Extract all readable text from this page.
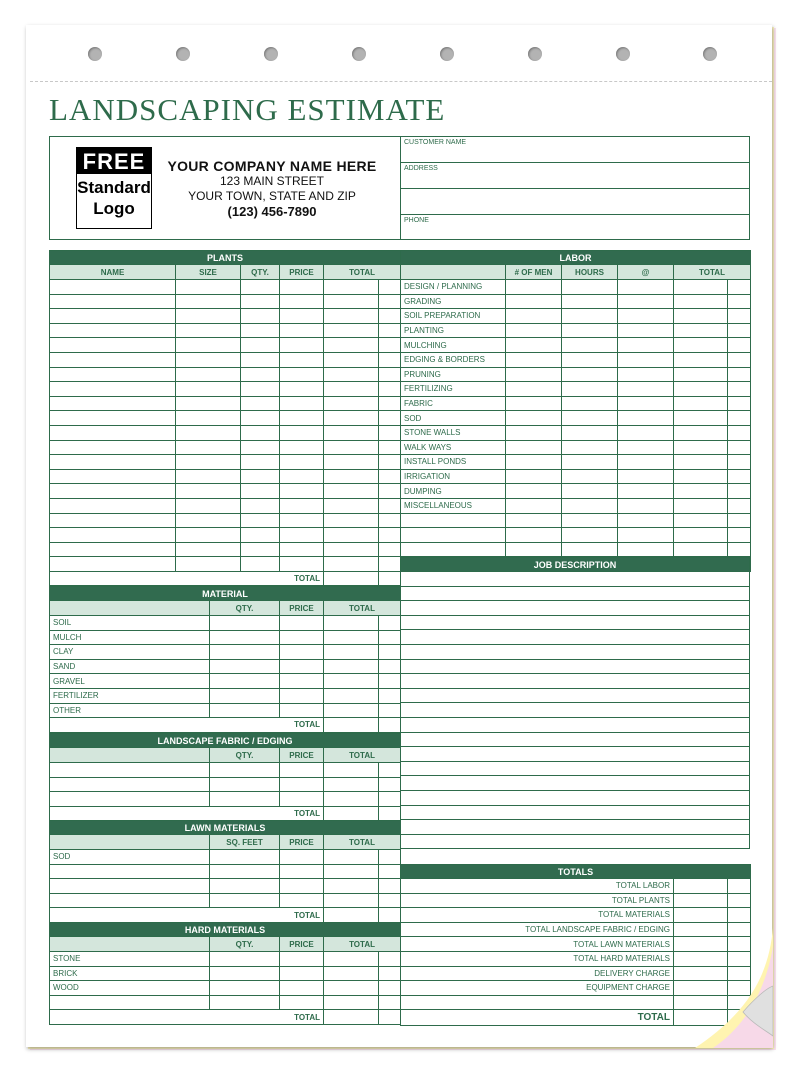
LANDSCAPING ESTIMATE
FREE
Standard
Logo
YOUR COMPANY NAME HERE
123 MAIN STREET
YOUR TOWN, STATE AND ZIP
(123) 456-7890
CUSTOMER NAME
ADDRESS
PHONE
PLANTS					
NAME	SIZE	QTY.	PRICE	TOTAL	

TOTAL					
LABOR					
	# OF MEN	HOURS	@	TOTAL	
DESIGN / PLANNING					
GRADING					
SOIL PREPARATION					
PLANTING					
MULCHING					
EDGING & BORDERS					
PRUNING					
FERTILIZING					
FABRIC					
SOD					
STONE WALLS					
WALK WAYS					
INSTALL PONDS					
IRRIGATION					
DUMPING					
MISCELLANEOUS					

JOB DESCRIPTION

MATERIAL				
	QTY.	PRICE	TOTAL	
SOIL				
MULCH				
CLAY				
SAND				
GRAVEL				
FERTILIZER				
OTHER				
TOTAL				
LANDSCAPE FABRIC / EDGING				
	QTY.	PRICE	TOTAL	

TOTAL				
LAWN MATERIALS				
	SQ. FEET	PRICE	TOTAL	
SOD				

TOTAL				
HARD MATERIALS				
	QTY.	PRICE	TOTAL	
STONE				
BRICK				
WOOD				

TOTAL				
TOTALS		
TOTAL LABOR		
TOTAL PLANTS		
TOTAL MATERIALS		
TOTAL LANDSCAPE FABRIC / EDGING		
TOTAL LAWN MATERIALS		
TOTAL HARD MATERIALS		
DELIVERY CHARGE		
EQUIPMENT CHARGE		

TOTAL		
